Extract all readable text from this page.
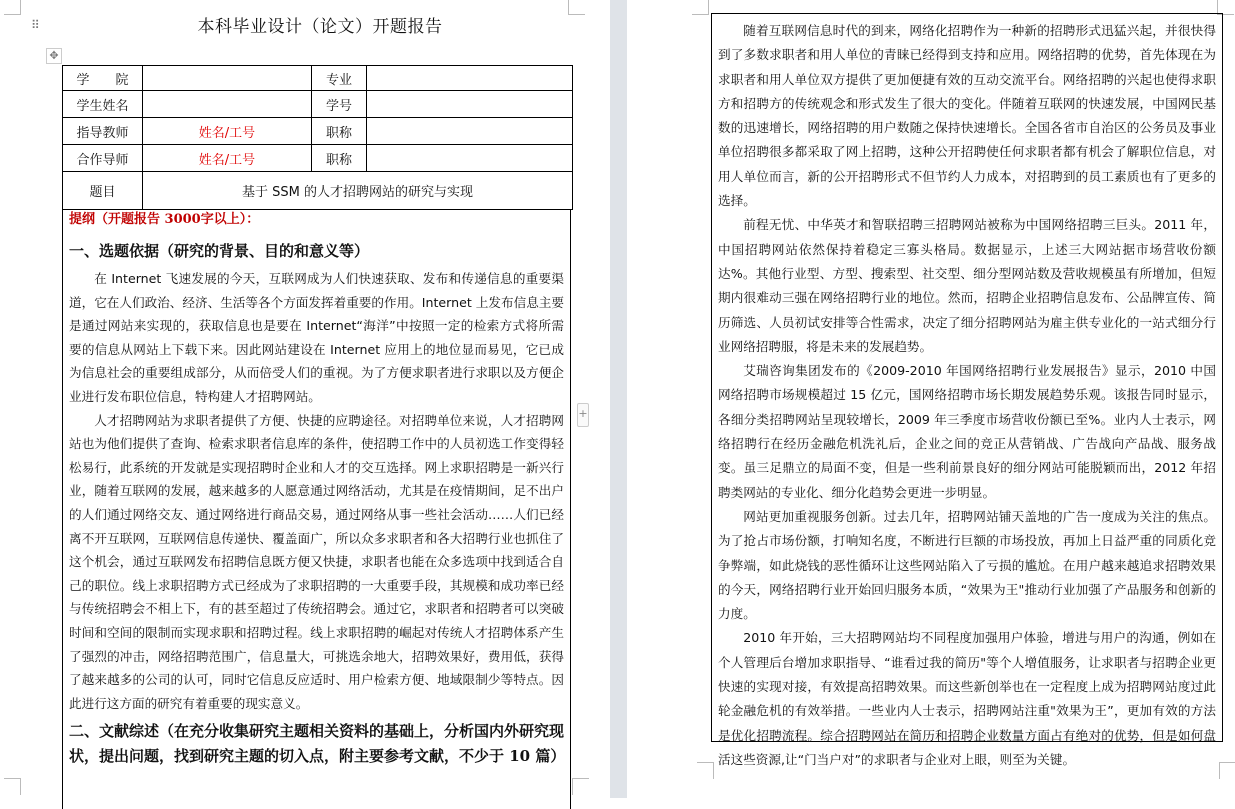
⠿
✥
本科毕业设计（论文）开题报告
学　　院		专业	
学生姓名		学号	
指导教师	姓名/工号	职称	
合作导师	姓名/工号	职称	
题目	基于 SSM 的人才招聘网站的研究与实现		
提纲（开题报告 3000字以上）：
一、选题依据（研究的背景、目的和意义等）

在 Internet 飞速发展的今天，互联网成为人们快速获取、发布和传递信息的重要渠道，它在人们政治、经济、生活等各个方面发挥着重要的作用。Internet 上发布信息主要是通过网站来实现的，获取信息也是要在 Internet“海洋”中按照一定的检索方式将所需要的信息从网站上下载下来。因此网站建设在 Internet 应用上的地位显而易见，它已成为信息社会的重要组成部分，从而倍受人们的重视。为了方便求职者进行求职以及方便企业进行发布职位信息，特构建人才招聘网站。

人才招聘网站为求职者提供了方便、快捷的应聘途径。对招聘单位来说，人才招聘网站也为他们提供了查询、检索求职者信息库的条件，使招聘工作中的人员初选工作变得轻松易行，此系统的开发就是实现招聘时企业和人才的交互选择。网上求职招聘是一新兴行业，随着互联网的发展，越来越多的人愿意通过网络活动，尤其是在疫情期间，足不出户的人们通过网络交友、通过网络进行商品交易，通过网络从事一些社会活动……人们已经离不开互联网，互联网信息传递快、覆盖面广，所以众多求职者和各大招聘行业也抓住了这个机会，通过互联网发布招聘信息既方便又快捷，求职者也能在众多选项中找到适合自己的职位。线上求职招聘方式已经成为了求职招聘的一大重要手段，其规模和成功率已经与传统招聘会不相上下，有的甚至超过了传统招聘会。通过它，求职者和招聘者可以突破时间和空间的限制而实现求职和招聘过程。线上求职招聘的崛起对传统人才招聘体系产生了强烈的冲击，网络招聘范围广，信息量大，可挑选余地大，招聘效果好，费用低，获得了越来越多的公司的认可，同时它信息反应适时、用户检索方便、地域限制少等特点。因此进行这方面的研究有着重要的现实意义。

二、文献综述（在充分收集研究主题相关资料的基础上，分析国内外研究现状，提出问题，找到研究主题的切入点，附主要参考文献，不少于 10 篇）
+

随着互联网信息时代的到来，网络化招聘作为一种新的招聘形式迅猛兴起，并很快得到了多数求职者和用人单位的青睐已经得到支持和应用。网络招聘的优势，首先体现在为求职者和用人单位双方提供了更加便捷有效的互动交流平台。网络招聘的兴起也使得求职方和招聘方的传统观念和形式发生了很大的变化。伴随着互联网的快速发展，中国网民基数的迅速增长，网络招聘的用户数随之保持快速增长。全国各省市自治区的公务员及事业单位招聘很多都采取了网上招聘，这种公开招聘使任何求职者都有机会了解职位信息，对用人单位而言，新的公开招聘形式不但节约人力成本，对招聘到的员工素质也有了更多的选择。

前程无忧、中华英才和智联招聘三招聘网站被称为中国网络招聘三巨头。2011 年，中国招聘网站依然保持着稳定三寡头格局。数据显示，上述三大网站据市场营收份额达%。其他行业型、方型、搜索型、社交型、细分型网站数及营收规模虽有所增加，但短期内很难动三强在网络招聘行业的地位。然而，招聘企业招聘信息发布、公品牌宣传、简历筛选、人员初试安排等合性需求，决定了细分招聘网站为雇主供专业化的一站式细分行业网络招聘服，将是未来的发展趋势。

艾瑞咨询集团发布的《2009-2010 年国网络招聘行业发展报告》显示，2010 中国网络招聘市场规模超过 15 亿元，国网络招聘市场长期发展趋势乐观。该报告同时显示，各细分类招聘网站呈现较增长，2009 年三季度市场营收份额已至%。业内人士表示，网络招聘行在经历金融危机洗礼后，企业之间的竞正从营销战、广告战向产品战、服务战变。虽三足鼎立的局面不变，但是一些利前景良好的细分网站可能脱颖而出，2012 年招聘类网站的专业化、细分化趋势会更进一步明显。

网站更加重视服务创新。过去几年，招聘网站铺天盖地的广告一度成为关注的焦点。为了抢占市场份额，打响知名度，不断进行巨额的市场投放，再加上日益严重的同质化竞争弊端，如此烧钱的恶性循环让这些网站陷入了亏损的尴尬。在用户越来越追求招聘效果的今天，网络招聘行业开始回归服务本质，“效果为王"推动行业加强了产品服务和创新的力度。

2010 年开始，三大招聘网站均不同程度加强用户体验，增进与用户的沟通，例如在个人管理后台增加求职指导、“谁看过我的简历"等个人增值服务，让求职者与招聘企业更快速的实现对接，有效提高招聘效果。而这些新创举也在一定程度上成为招聘网站度过此轮金融危机的有效举措。一些业内人士表示，招聘网站注重"效果为王”，更加有效的方法是优化招聘流程。综合招聘网站在简历和招聘企业数量方面占有绝对的优势，但是如何盘活这些资源,让“门当户对”的求职者与企业对上眼，则至为关键。
